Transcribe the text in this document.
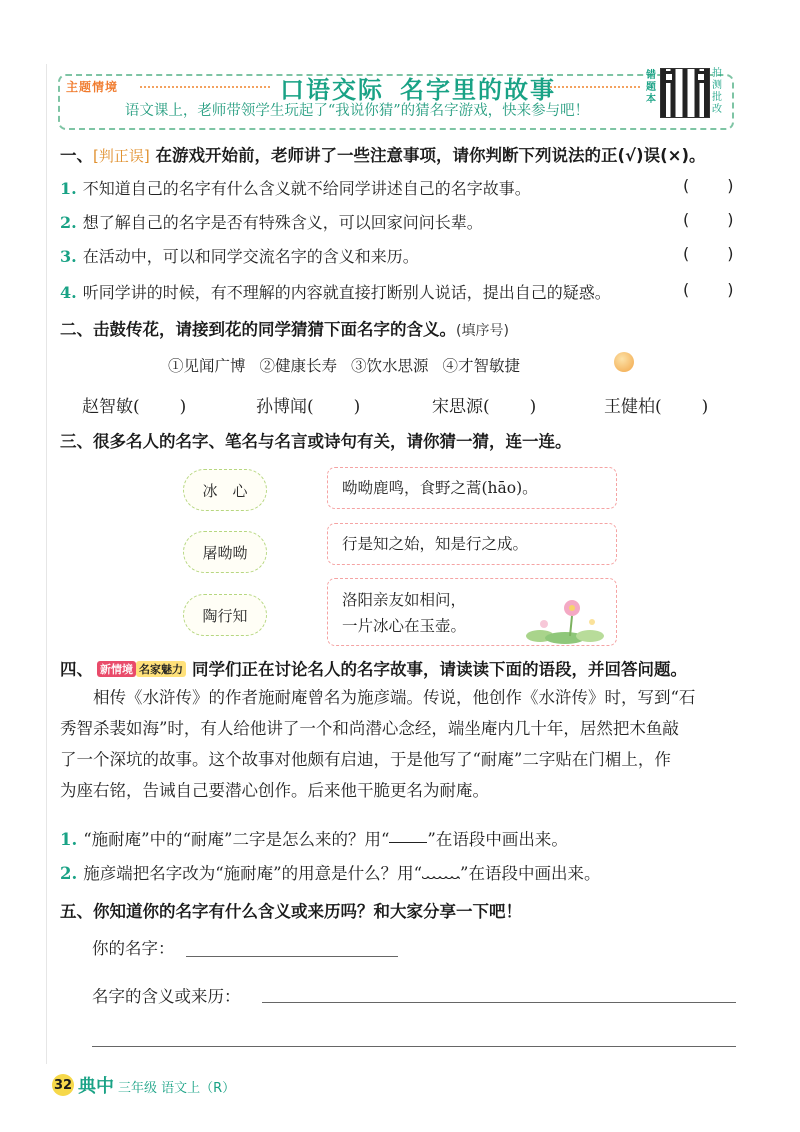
主题情境	口语交际 名字里的故事
语文课上，老师带领学生玩起了“我说你猜”的猜名字游戏，快来参与吧！
错题本
拍测批改
一、[判正误] 在游戏开始前，老师讲了一些注意事项，请你判断下列说法的正(√)误(×)。
1. 不知道自己的名字有什么含义就不给同学讲述自己的名字故事。	( )
2. 想了解自己的名字是否有特殊含义，可以回家问问长辈。	( )
3. 在活动中，可以和同学交流名字的含义和来历。	( )
4. 听同学讲的时候，有不理解的内容就直接打断别人说话，提出自己的疑惑。	( )
二、击鼓传花，请接到花的同学猜猜下面名字的含义。(填序号)
①见闻广博 ②健康长寿 ③饮水思源 ④才智敏捷
赵智敏( )	孙博闻( )	宋思源( )	王健柏( )
三、很多名人的名字、笔名与名言或诗句有关，请你猜一猜，连一连。
冰　心
屠呦呦
陶行知
呦呦鹿鸣，食野之蒿(hāo)。
行是知之始，知是行之成。
洛阳亲友如相问，
一片冰心在玉壶。
四、 新情境 名家魅力 同学们正在讨论名人的名字故事，请读读下面的语段，并回答问题。
相传《水浒传》的作者施耐庵曾名为施彦端。传说，他创作《水浒传》时，写到“石
秀智杀裴如海”时，有人给他讲了一个和尚潜心念经，端坐庵内几十年，居然把木鱼敲
了一个深坑的故事。这个故事对他颇有启迪，于是他写了“耐庵”二字贴在门楣上，作
为座右铭，告诫自己要潜心创作。后来他干脆更名为耐庵。
1. “施耐庵”中的“耐庵”二字是怎么来的？用“ ”在语段中画出来。
2. 施彦端把名字改为“施耐庵”的用意是什么？用“ ”在语段中画出来。
五、你知道你的名字有什么含义或来历吗？和大家分享一下吧！
你的名字：
名字的含义或来历：
32 典中 三年级 语文上（R）
